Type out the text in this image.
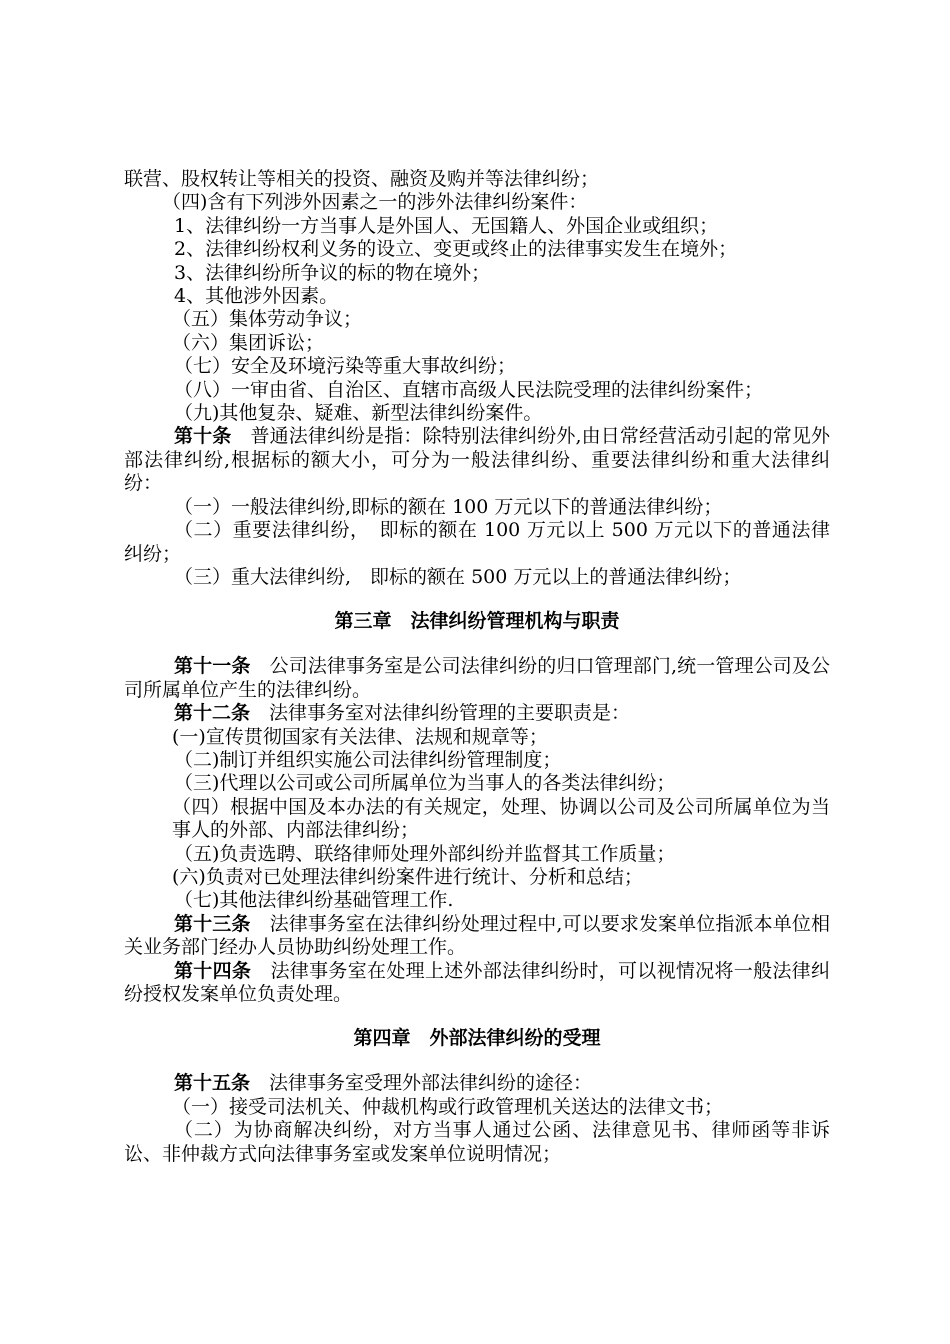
联营、股权转让等相关的投资、融资及购并等法律纠纷；

（四)含有下列涉外因素之一的涉外法律纠纷案件：

1、法律纠纷一方当事人是外国人、无国籍人、外国企业或组织；

2、法律纠纷权利义务的设立、变更或终止的法律事实发生在境外；

3、法律纠纷所争议的标的物在境外；

4、其他涉外因素。

（五）集体劳动争议；

（六）集团诉讼；

（七）安全及环境污染等重大事故纠纷；

（八）一审由省、自治区、直辖市高级人民法院受理的法律纠纷案件；

（九)其他复杂、疑难、新型法律纠纷案件。

第十条　普通法律纠纷是指：除特别法律纠纷外,由日常经营活动引起的常见外部法律纠纷,根据标的额大小，可分为一般法律纠纷、重要法律纠纷和重大法律纠纷：

（一）一般法律纠纷,即标的额在 100 万元以下的普通法律纠纷；

（二）重要法律纠纷，　即标的额在 100 万元以上 500 万元以下的普通法律纠纷；

（三）重大法律纠纷,　即标的额在 500 万元以上的普通法律纠纷；

第三章　法律纠纷管理机构与职责

第十一条　公司法律事务室是公司法律纠纷的归口管理部门,统一管理公司及公司所属单位产生的法律纠纷。

第十二条　法律事务室对法律纠纷管理的主要职责是：

(一)宣传贯彻国家有关法律、法规和规章等；

（二)制订并组织实施公司法律纠纷管理制度；

（三)代理以公司或公司所属单位为当事人的各类法律纠纷；

（四）根据中国及本办法的有关规定，处理、协调以公司及公司所属单位为当事人的外部、内部法律纠纷；

（五)负责选聘、联络律师处理外部纠纷并监督其工作质量；

(六)负责对已处理法律纠纷案件进行统计、分析和总结；

（七)其他法律纠纷基础管理工作.

第十三条　法律事务室在法律纠纷处理过程中,可以要求发案单位指派本单位相关业务部门经办人员协助纠纷处理工作。

第十四条　法律事务室在处理上述外部法律纠纷时，可以视情况将一般法律纠纷授权发案单位负责处理。

第四章　外部法律纠纷的受理

第十五条　法律事务室受理外部法律纠纷的途径：

（一）接受司法机关、仲裁机构或行政管理机关送达的法律文书；

（二）为协商解决纠纷，对方当事人通过公函、法律意见书、律师函等非诉讼、非仲裁方式向法律事务室或发案单位说明情况；
